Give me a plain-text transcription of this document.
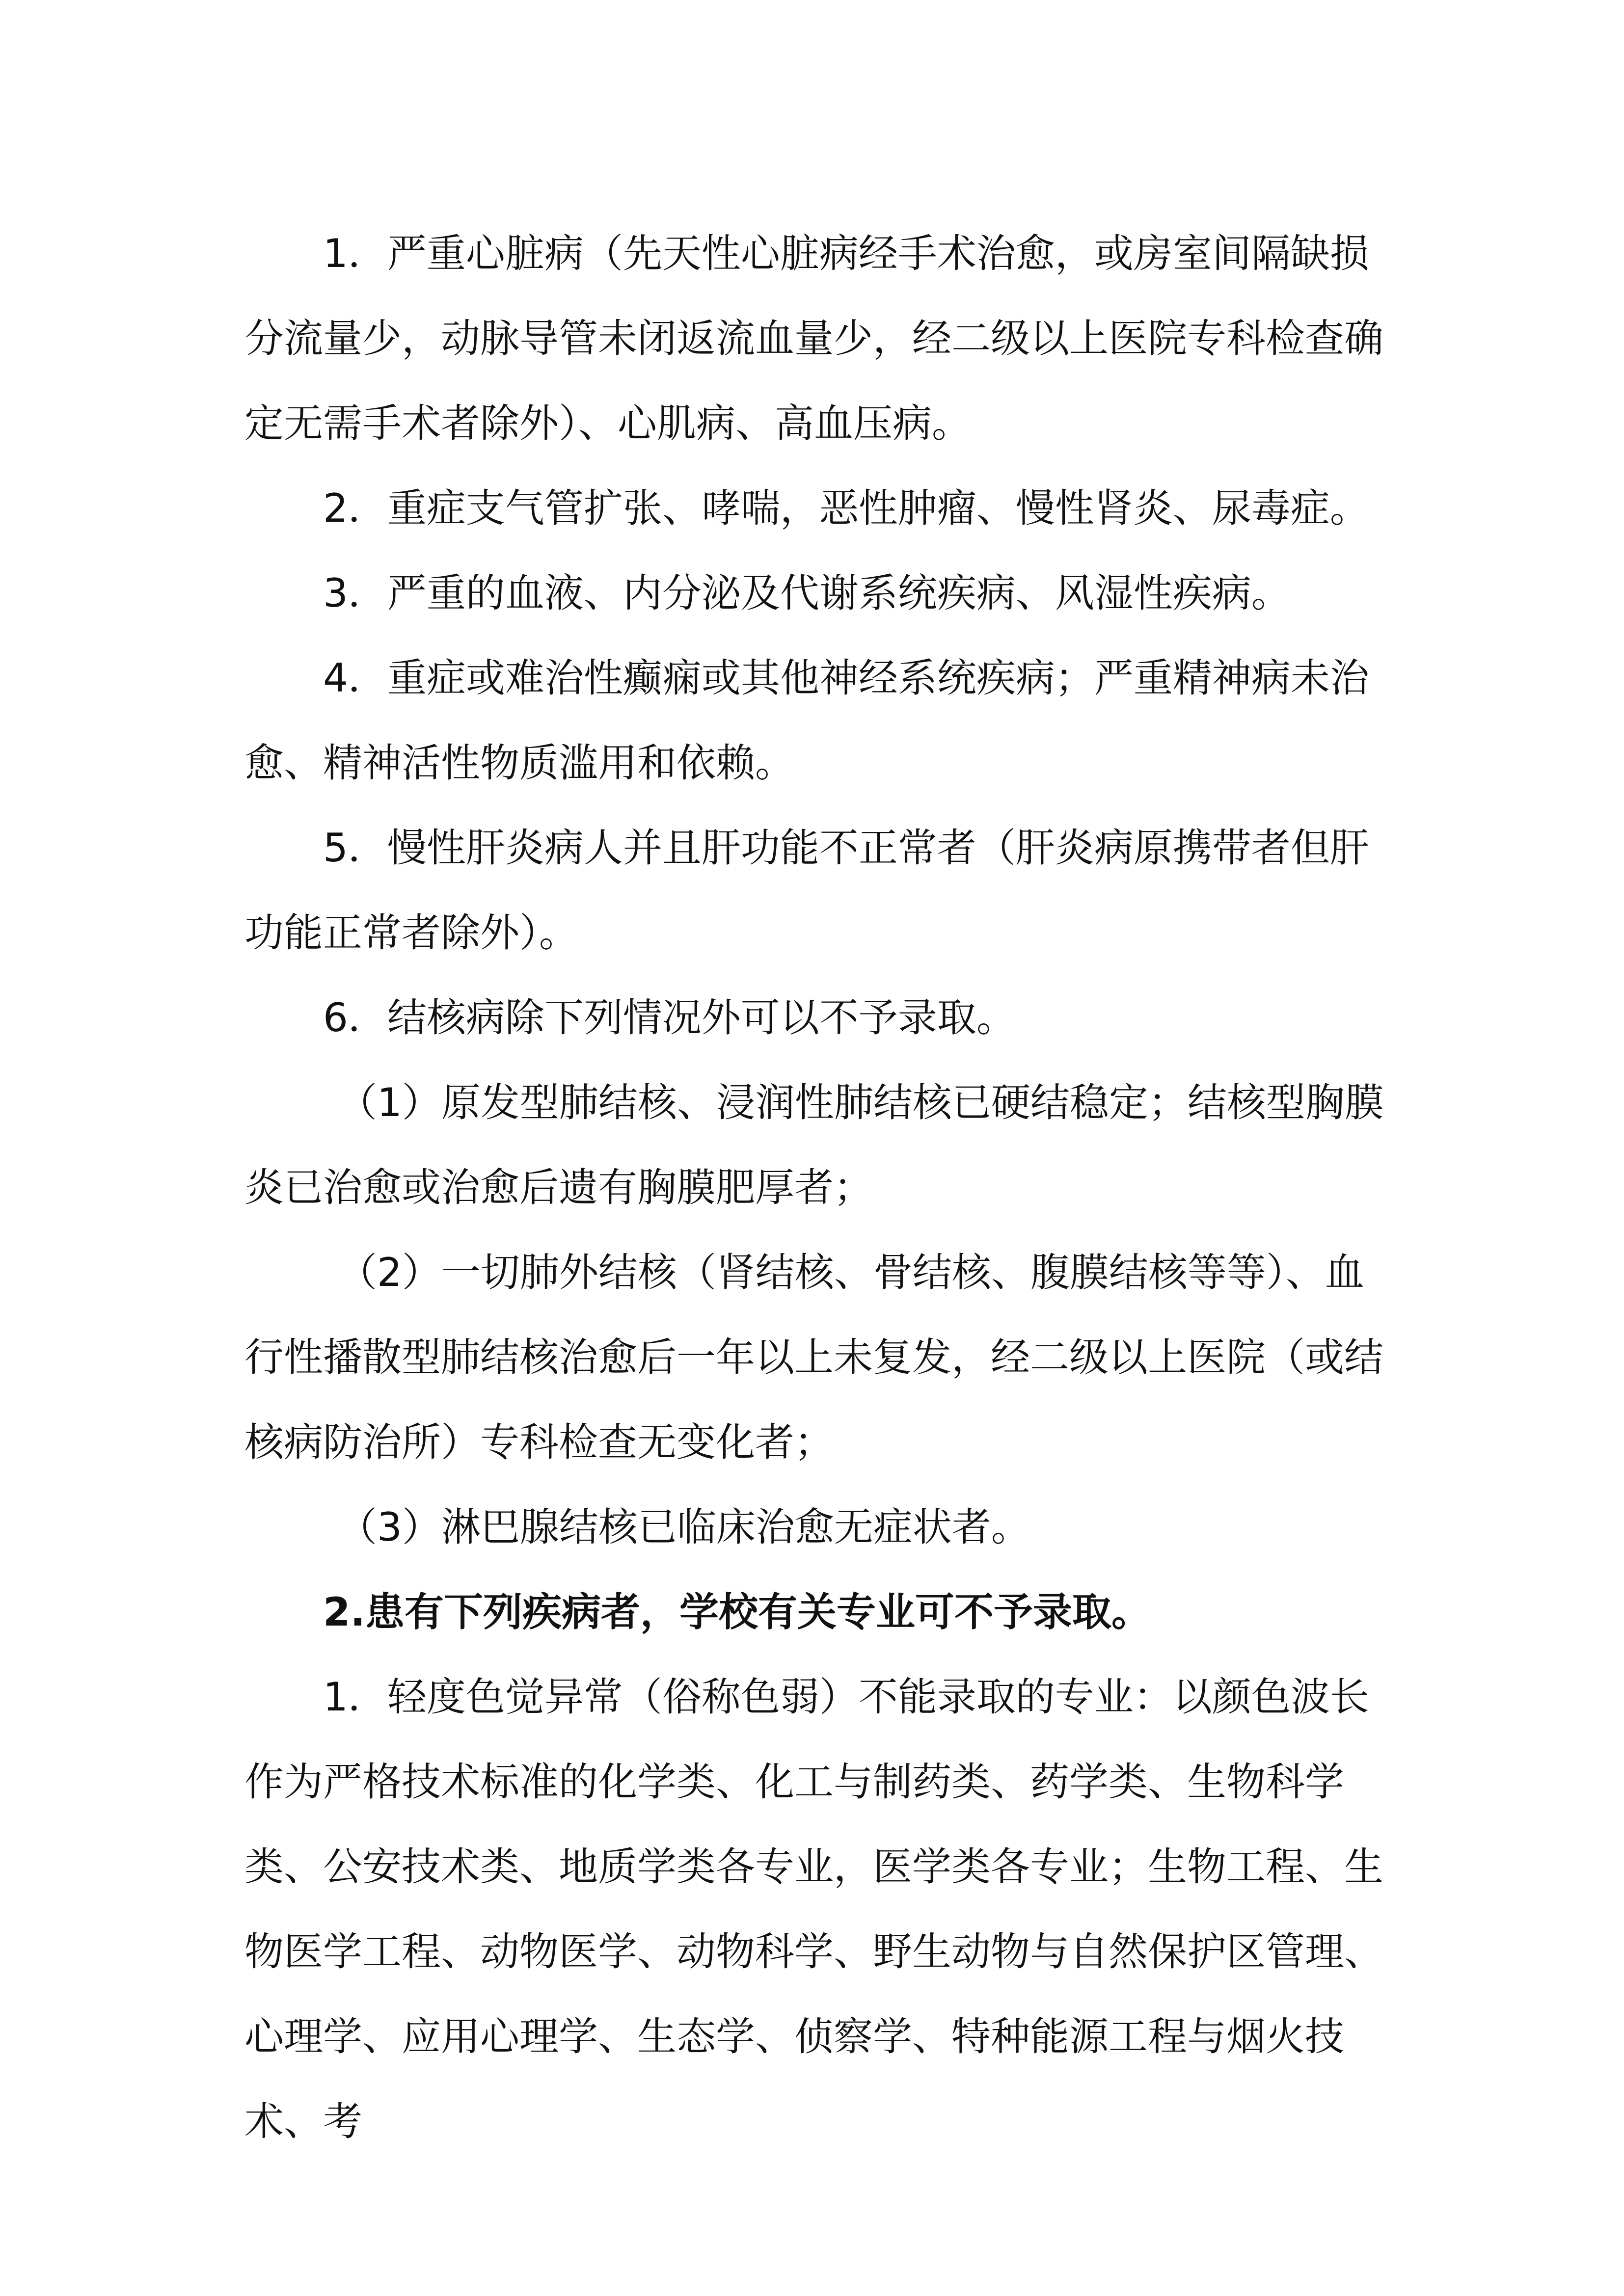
1．严重心脏病（先天性心脏病经手术治愈，或房室间隔缺损分流量少，动脉导管未闭返流血量少，经二级以上医院专科检查确定无需手术者除外）、心肌病、高血压病。

2．重症支气管扩张、哮喘，恶性肿瘤、慢性肾炎、尿毒症。

3．严重的血液、内分泌及代谢系统疾病、风湿性疾病。

4．重症或难治性癫痫或其他神经系统疾病；严重精神病未治愈、精神活性物质滥用和依赖。

5．慢性肝炎病人并且肝功能不正常者（肝炎病原携带者但肝功能正常者除外）。

6．结核病除下列情况外可以不予录取。

（1）原发型肺结核、浸润性肺结核已硬结稳定；结核型胸膜炎已治愈或治愈后遗有胸膜肥厚者；

（2）一切肺外结核（肾结核、骨结核、腹膜结核等等）、血行性播散型肺结核治愈后一年以上未复发，经二级以上医院（或结核病防治所）专科检查无变化者；

（3）淋巴腺结核已临床治愈无症状者。

2.患有下列疾病者，学校有关专业可不予录取。

1．轻度色觉异常（俗称色弱）不能录取的专业：以颜色波长作为严格技术标准的化学类、化工与制药类、药学类、生物科学类、公安技术类、地质学类各专业，医学类各专业；生物工程、生物医学工程、动物医学、动物科学、野生动物与自然保护区管理、心理学、应用心理学、生态学、侦察学、特种能源工程与烟火技术、考
